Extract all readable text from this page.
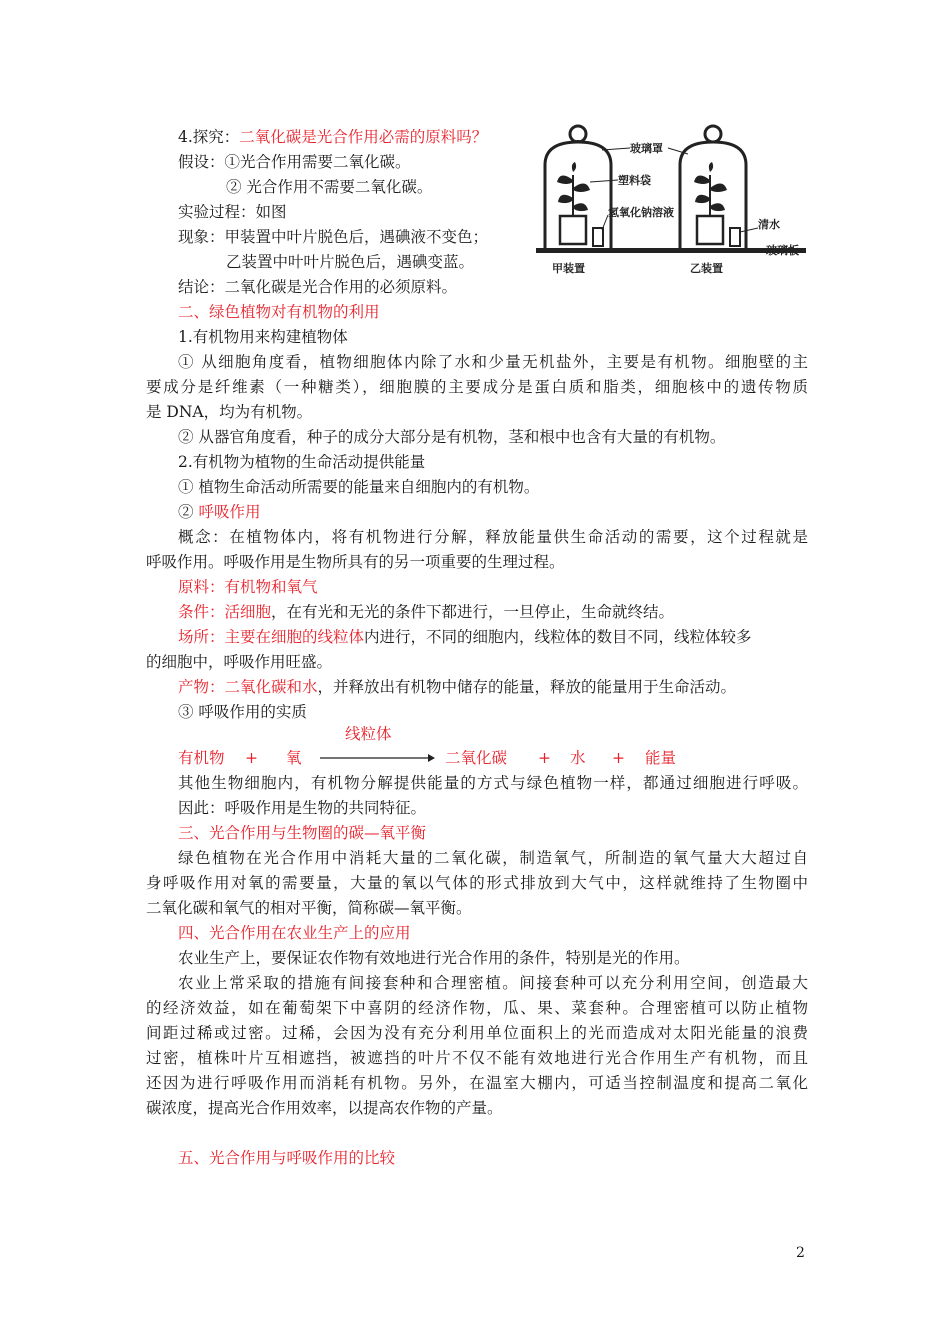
4.探究：二氧化碳是光合作用必需的原料吗？
假设：①光合作用需要二氧化碳。
② 光合作用不需要二氧化碳。
实验过程：如图
现象：甲装置中叶片脱色后，遇碘液不变色；
乙装置中叶叶片脱色后，遇碘变蓝。
结论：二氧化碳是光合作用的必须原料。
玻璃罩
塑料袋
氢氧化钠溶液
清水
玻璃板
甲装置	乙装置
二、绿色植物对有机物的利用
1.有机物用来构建植物体
① 从细胞角度看，植物细胞体内除了水和少量无机盐外，主要是有机物。细胞壁的主
要成分是纤维素（一种糖类），细胞膜的主要成分是蛋白质和脂类，细胞核中的遗传物质
是 DNA，均为有机物。
② 从器官角度看，种子的成分大部分是有机物，茎和根中也含有大量的有机物。
2.有机物为植物的生命活动提供能量
① 植物生命活动所需要的能量来自细胞内的有机物。
② 呼吸作用
概念：在植物体内，将有机物进行分解，释放能量供生命活动的需要，这个过程就是
呼吸作用。呼吸作用是生物所具有的另一项重要的生理过程。
原料：有机物和氧气
条件：活细胞，在有光和无光的条件下都进行，一旦停止，生命就终结。
场所：主要在细胞的线粒体内进行，不同的细胞内，线粒体的数目不同，线粒体较多
的细胞中，呼吸作用旺盛。
产物：二氧化碳和水，并释放出有机物中储存的能量，释放的能量用于生命活动。
③ 呼吸作用的实质
线粒体
有机物 + 氧	二氧化碳 + 水 + 能量
其他生物细胞内，有机物分解提供能量的方式与绿色植物一样，都通过细胞进行呼吸。
因此：呼吸作用是生物的共同特征。
三、光合作用与生物圈的碳—氧平衡
绿色植物在光合作用中消耗大量的二氧化碳，制造氧气，所制造的氧气量大大超过自
身呼吸作用对氧的需要量，大量的氧以气体的形式排放到大气中，这样就维持了生物圈中
二氧化碳和氧气的相对平衡，简称碳—氧平衡。
四、光合作用在农业生产上的应用
农业生产上，要保证农作物有效地进行光合作用的条件，特别是光的作用。
农业上常采取的措施有间接套种和合理密植。间接套种可以充分利用空间，创造最大
的经济效益，如在葡萄架下中喜阴的经济作物，瓜、果、菜套种。合理密植可以防止植物
间距过稀或过密。过稀，会因为没有充分利用单位面积上的光而造成对太阳光能量的浪费
过密，植株叶片互相遮挡，被遮挡的叶片不仅不能有效地进行光合作用生产有机物，而且
还因为进行呼吸作用而消耗有机物。另外，在温室大棚内，可适当控制温度和提高二氧化
碳浓度，提高光合作用效率，以提高农作物的产量。
五、光合作用与呼吸作用的比较
2
